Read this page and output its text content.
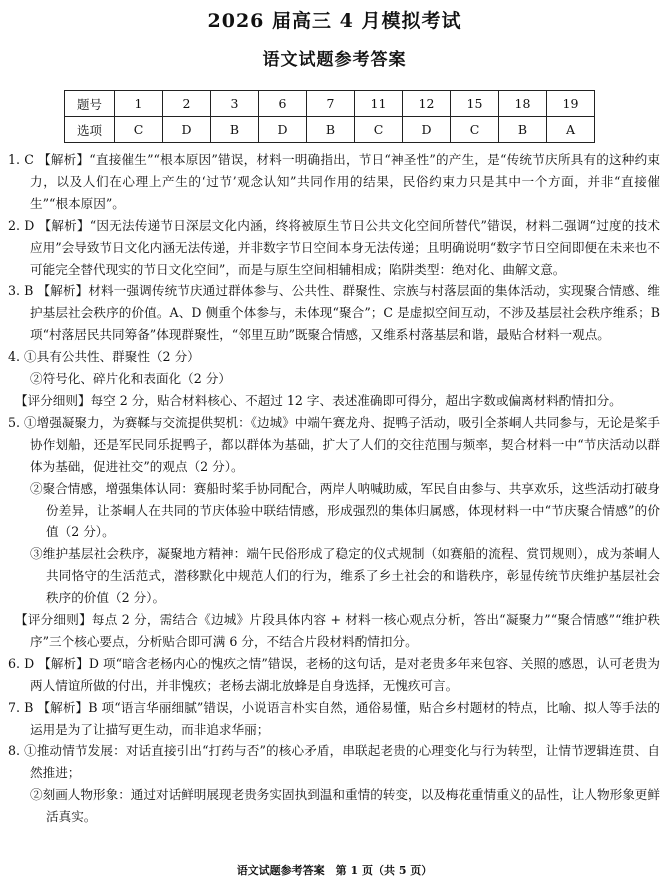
2026 届高三 4 月模拟考试
语文试题参考答案
题号	1	2	3	6	7	11	12	15	18	19
选项	C	D	B	D	B	C	D	C	B	A

1. C 【解析】“直接催生”“根本原因”错误，材料一明确指出，节日“神圣性”的产生，是“传统节庆所具有的这种约束力，以及人们在心理上产生的‘过节’观念认知”共同作用的结果，民俗约束力只是其中一个方面，并非“直接催生”“根本原因”。

2. D 【解析】“因无法传递节日深层文化内涵，终将被原生节日公共文化空间所替代”错误，材料二强调“过度的技术应用”会导致节日文化内涵无法传递，并非数字节日空间本身无法传递；且明确说明“数字节日空间即便在未来也不可能完全替代现实的节日文化空间”，而是与原生空间相辅相成；陷阱类型：绝对化、曲解文意。

3. B 【解析】材料一强调传统节庆通过群体参与、公共性、群聚性、宗族与村落层面的集体活动，实现聚合情感、维护基层社会秩序的价值。A、D 侧重个体参与，未体现“聚合”；C 是虚拟空间互动，不涉及基层社会秩序维系；B 项“村落居民共同筹备”体现群聚性，“邻里互助”既聚合情感，又维系村落基层和谐，最贴合材料一观点。

4. ①具有公共性、群聚性（2 分）

②符号化、碎片化和表面化（2 分）

【评分细则】每空 2 分，贴合材料核心、不超过 12 字、表述准确即可得分，超出字数或偏离材料酌情扣分。

5. ①增强凝聚力，为赛鞣与交流提供契机：《边城》中端午赛龙舟、捉鸭子活动，吸引全茶峒人共同参与，无论是桨手协作划船，还是军民同乐捉鸭子，都以群体为基础，扩大了人们的交往范围与频率，契合材料一中“节庆活动以群体为基础，促进社交”的观点（2 分）。

②聚合情感，增强集体认同：赛船时桨手协同配合，两岸人呐喊助威，军民自由参与、共享欢乐，这些活动打破身份差异，让茶峒人在共同的节庆体验中联结情感，形成强烈的集体归属感，体现材料一中“节庆聚合情感”的价值（2 分）。

③维护基层社会秩序，凝聚地方精神：端午民俗形成了稳定的仪式规制（如赛船的流程、赏罚规则），成为茶峒人共同恪守的生活范式，潜移默化中规范人们的行为，维系了乡土社会的和谐秩序，彰显传统节庆维护基层社会秩序的价值（2 分）。

【评分细则】每点 2 分，需结合《边城》片段具体内容 + 材料一核心观点分析，答出“凝聚力”“聚合情感”“维护秩序”三个核心要点，分析贴合即可满 6 分，不结合片段材料酌情扣分。

6. D 【解析】D 项“暗含老杨内心的愧疚之情”错误，老杨的这句话，是对老贵多年来包容、关照的感恩，认可老贵为两人情谊所做的付出，并非愧疚；老杨去湖北放蜂是自身选择，无愧疚可言。

7. B 【解析】B 项“语言华丽细腻”错误，小说语言朴实自然，通俗易懂，贴合乡村题材的特点，比喻、拟人等手法的运用是为了让描写更生动，而非追求华丽；

8. ①推动情节发展：对话直接引出“打药与否”的核心矛盾，串联起老贵的心理变化与行为转型，让情节逻辑连贯、自然推进；

②刻画人物形象：通过对话鲜明展现老贵务实固执到温和重情的转变，以及梅花重情重义的品性，让人物形象更鲜活真实。

语文试题参考答案　第 1 页（共 5 页）
